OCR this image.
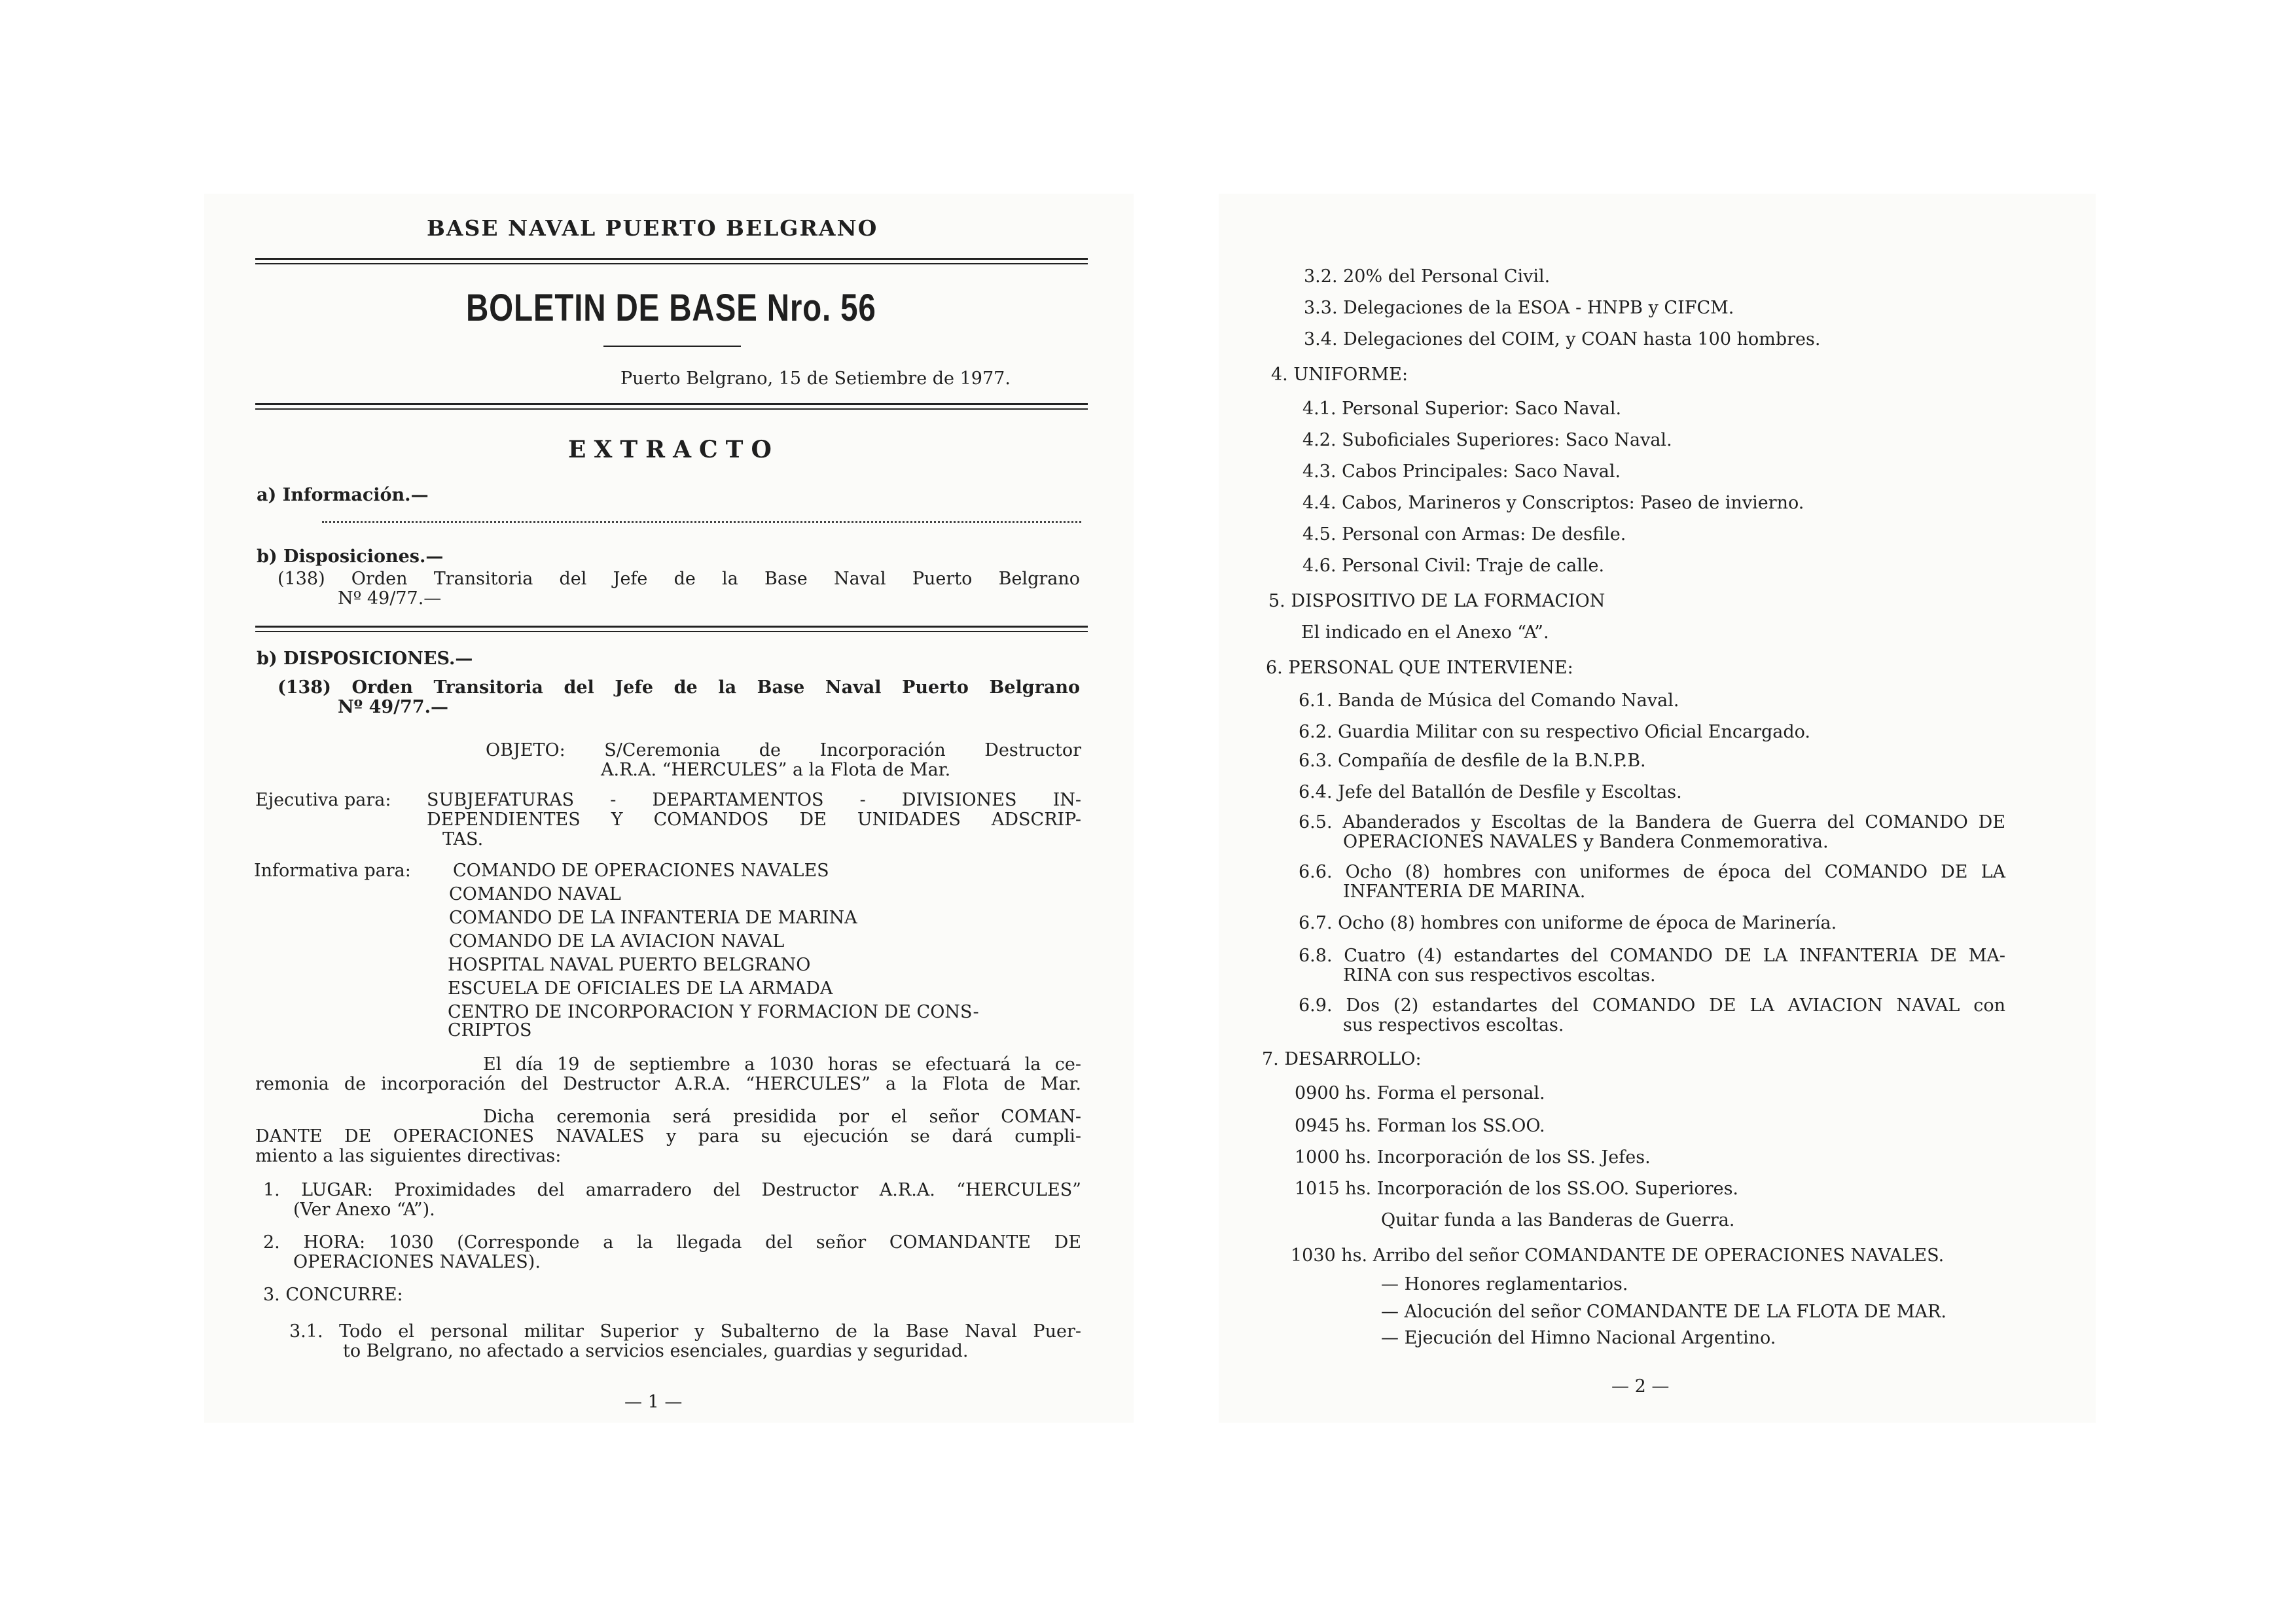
BASE NAVAL PUERTO BELGRANO
BOLETIN DE BASE Nro. 56
Puerto Belgrano, 15 de Setiembre de 1977.
EXTRACTO
a) Información.—
b) Disposiciones.—
(138) Orden Transitoria del Jefe de la Base Naval Puerto Belgrano
Nº 49/77.—
b) DISPOSICIONES.—
(138) Orden Transitoria del Jefe de la Base Naval Puerto Belgrano
Nº 49/77.—
OBJETO: S/Ceremonia de Incorporación Destructor
A.R.A. “HERCULES” a la Flota de Mar.
Ejecutiva para: SUBJEFATURAS - DEPARTAMENTOS - DIVISIONES IN-
DEPENDIENTES Y COMANDOS DE UNIDADES ADSCRIP-
TAS.
Informativa para: COMANDO DE OPERACIONES NAVALES
COMANDO NAVAL
COMANDO DE LA INFANTERIA DE MARINA
COMANDO DE LA AVIACION NAVAL
HOSPITAL NAVAL PUERTO BELGRANO
ESCUELA DE OFICIALES DE LA ARMADA
CENTRO DE INCORPORACION Y FORMACION DE CONS-
CRIPTOS
El día 19 de septiembre a 1030 horas se efectuará la ce-
remonia de incorporación del Destructor A.R.A. “HERCULES” a la Flota de Mar.
Dicha ceremonia será presidida por el señor COMAN-
DANTE DE OPERACIONES NAVALES y para su ejecución se dará cumpli-
miento a las siguientes directivas:
1. LUGAR: Proximidades del amarradero del Destructor A.R.A. “HERCULES”
(Ver Anexo “A”).
2. HORA: 1030 (Corresponde a la llegada del señor COMANDANTE DE
OPERACIONES NAVALES).
3. CONCURRE:
3.1. Todo el personal militar Superior y Subalterno de la Base Naval Puer-
to Belgrano, no afectado a servicios esenciales, guardias y seguridad.
— 1 —
3.2. 20% del Personal Civil.
3.3. Delegaciones de la ESOA - HNPB y CIFCM.
3.4. Delegaciones del COIM, y COAN hasta 100 hombres.
4. UNIFORME:
4.1. Personal Superior: Saco Naval.
4.2. Suboficiales Superiores: Saco Naval.
4.3. Cabos Principales: Saco Naval.
4.4. Cabos, Marineros y Conscriptos: Paseo de invierno.
4.5. Personal con Armas: De desfile.
4.6. Personal Civil: Traje de calle.
5. DISPOSITIVO DE LA FORMACION
El indicado en el Anexo “A”.
6. PERSONAL QUE INTERVIENE:
6.1. Banda de Música del Comando Naval.
6.2. Guardia Militar con su respectivo Oficial Encargado.
6.3. Compañía de desfile de la B.N.P.B.
6.4. Jefe del Batallón de Desfile y Escoltas.
6.5. Abanderados y Escoltas de la Bandera de Guerra del COMANDO DE
OPERACIONES NAVALES y Bandera Conmemorativa.
6.6. Ocho (8) hombres con uniformes de época del COMANDO DE LA
INFANTERIA DE MARINA.
6.7. Ocho (8) hombres con uniforme de época de Marinería.
6.8. Cuatro (4) estandartes del COMANDO DE LA INFANTERIA DE MA-
RINA con sus respectivos escoltas.
6.9. Dos (2) estandartes del COMANDO DE LA AVIACION NAVAL con
sus respectivos escoltas.
7. DESARROLLO:
0900 hs. Forma el personal.
0945 hs. Forman los SS.OO.
1000 hs. Incorporación de los SS. Jefes.
1015 hs. Incorporación de los SS.OO. Superiores.
Quitar funda a las Banderas de Guerra.
1030 hs. Arribo del señor COMANDANTE DE OPERACIONES NAVALES.
— Honores reglamentarios.
— Alocución del señor COMANDANTE DE LA FLOTA DE MAR.
— Ejecución del Himno Nacional Argentino.
— 2 —
